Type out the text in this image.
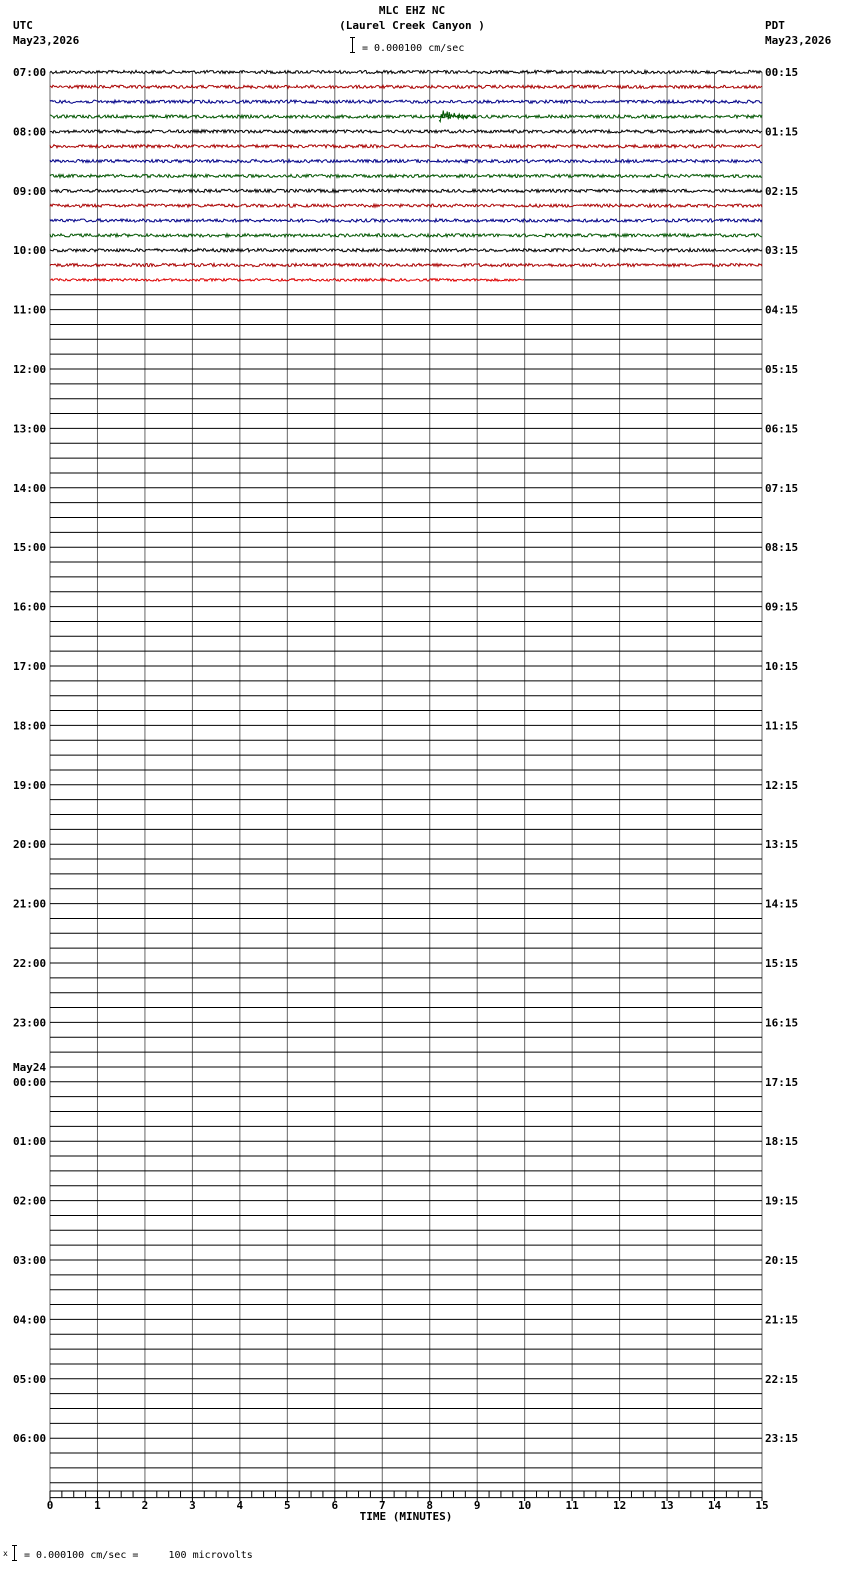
MLC EHZ NC
(Laurel Creek Canyon )
UTC
May23,2026
PDT
May23,2026
= 0.000100 cm/sec
07:00
08:00
09:00
10:00
11:00
12:00
13:00
14:00
15:00
16:00
17:00
18:00
19:00
20:00
21:00
22:00
23:00
00:00
May24
01:00
02:00
03:00
04:00
05:00
06:00
00:15
01:15
02:15
03:15
04:15
05:15
06:15
07:15
08:15
09:15
10:15
11:15
12:15
13:15
14:15
15:15
16:15
17:15
18:15
19:15
20:15
21:15
22:15
23:15
0	1	2	3	4	5	6	7	8	9	10	11	12	13	14	15
TIME (MINUTES)
x = 0.000100 cm/sec =     100 microvolts
